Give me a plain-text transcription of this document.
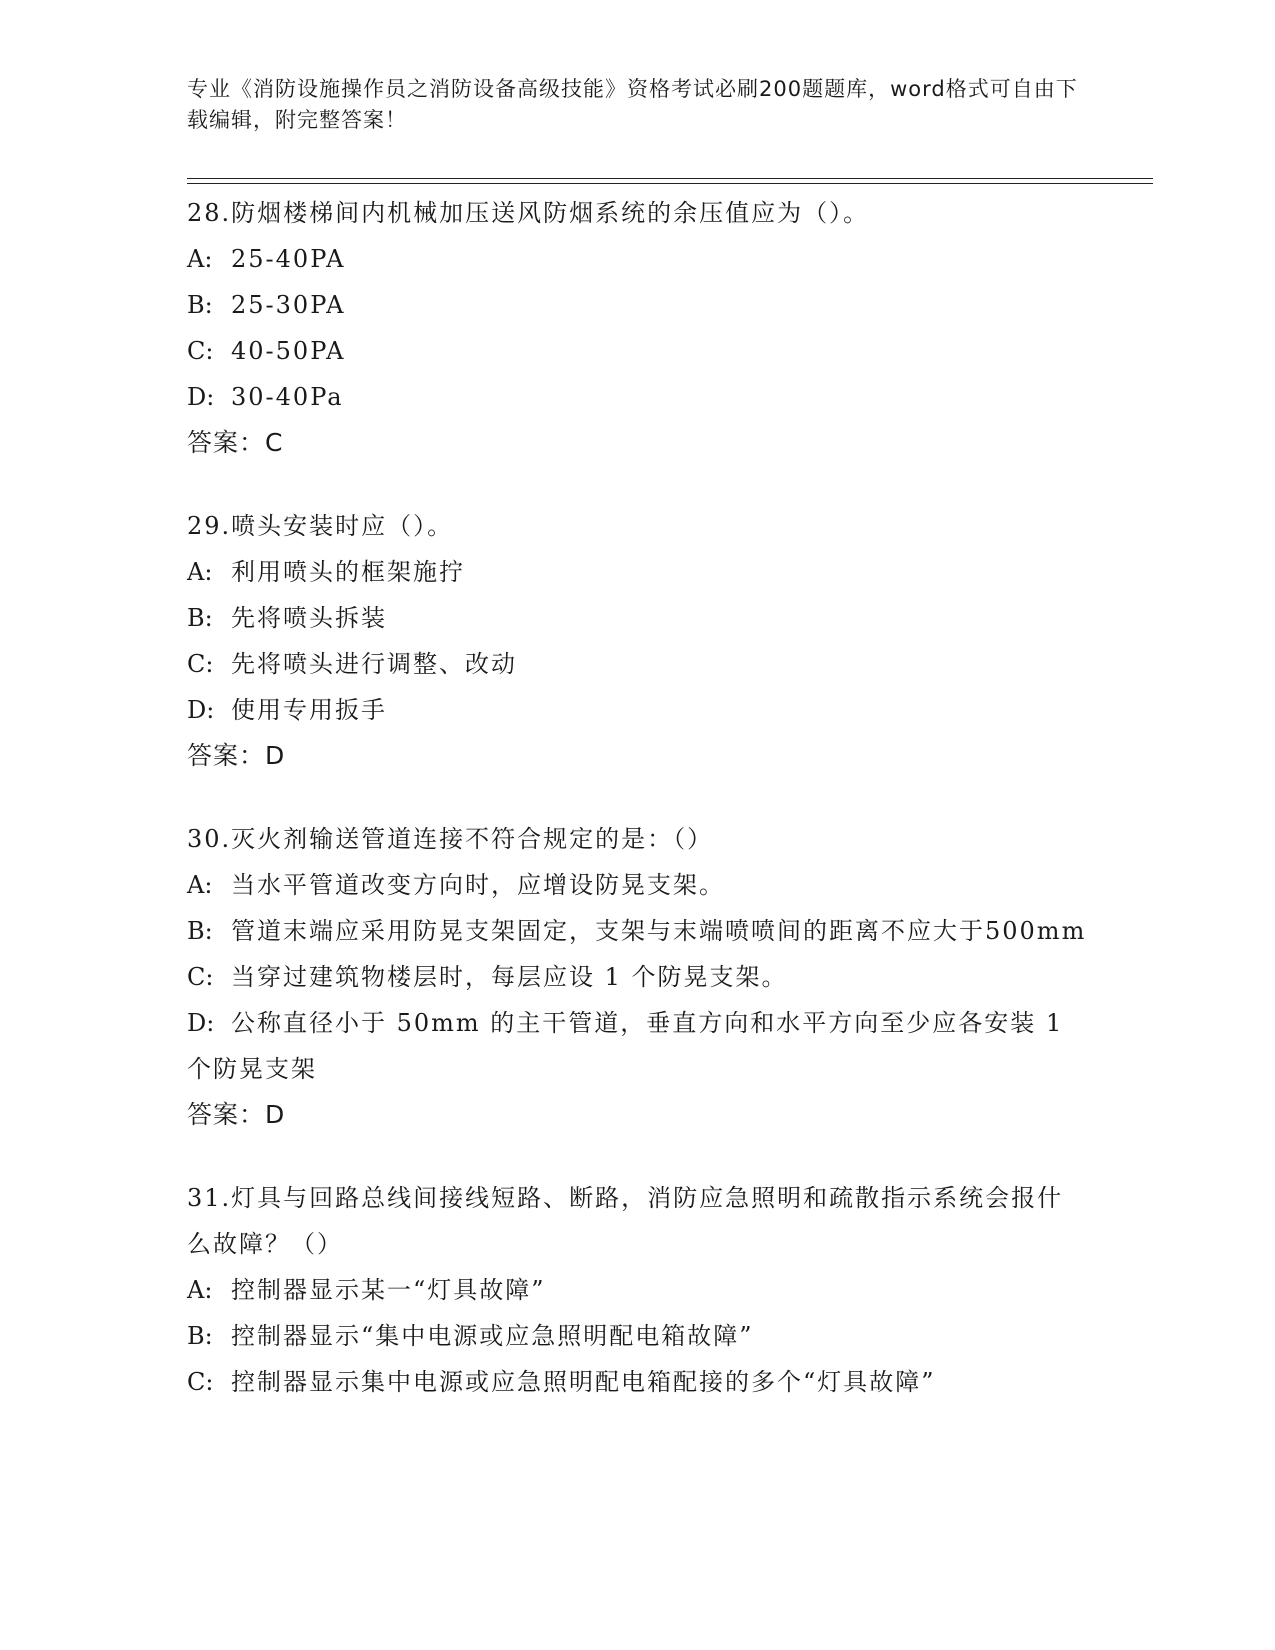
专业《消防设施操作员之消防设备高级技能》资格考试必刷200题题库，word格式可自由下载编辑，附完整答案！

28.防烟楼梯间内机械加压送风防烟系统的余压值应为（）。

A: 25-40PA

B: 25-30PA

C: 40-50PA

D: 30-40Pa

答案：C

29.喷头安装时应（）。

A: 利用喷头的框架施拧

B: 先将喷头拆装

C: 先将喷头进行调整、改动

D: 使用专用扳手

答案：D

30.灭火剂输送管道连接不符合规定的是：（）

A: 当水平管道改变方向时，应增设防晃支架。

B: 管道末端应采用防晃支架固定，支架与末端喷喷间的距离不应大于500mm

C: 当穿过建筑物楼层时，每层应设 1 个防晃支架。

D: 公称直径小于 50mm 的主干管道，垂直方向和水平方向至少应各安装 1 个防晃支架

答案：D

31.灯具与回路总线间接线短路、断路，消防应急照明和疏散指示系统会报什么故障？（）

A: 控制器显示某一“灯具故障”

B: 控制器显示“集中电源或应急照明配电箱故障”

C: 控制器显示集中电源或应急照明配电箱配接的多个“灯具故障”
